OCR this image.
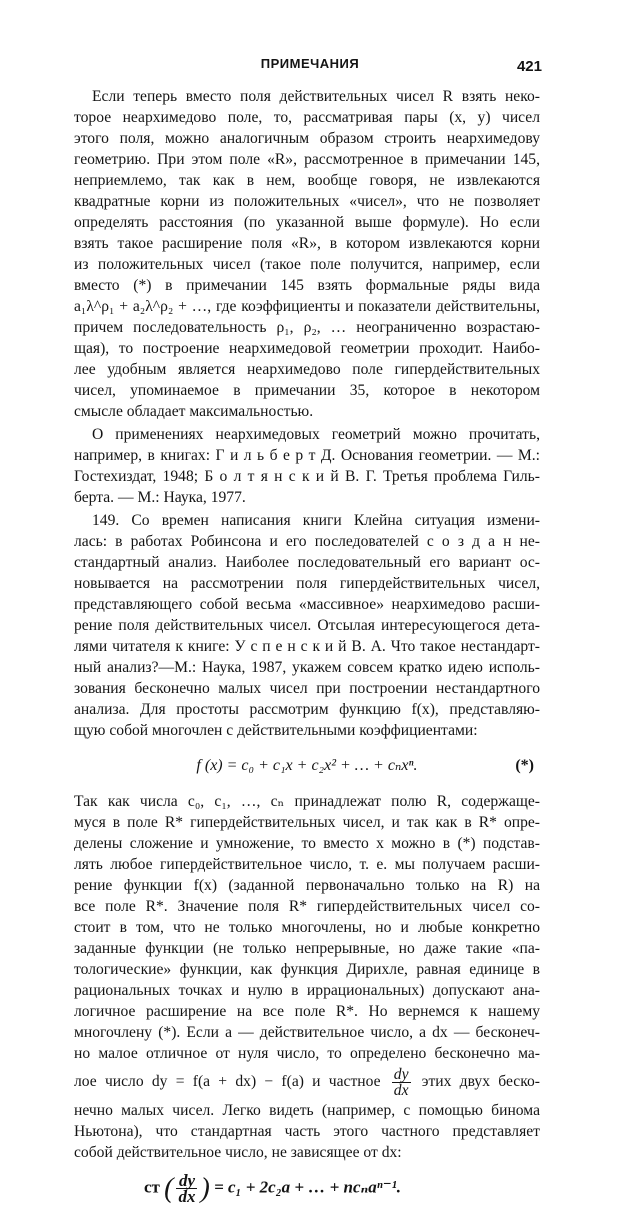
ПРИМЕЧАНИЯ	421
Если теперь вместо поля действительных чисел R взять неко-
торое неархимедово поле, то, рассматривая пары (x, y) чисел
этого поля, можно аналогичным образом строить неархимедову
геометрию. При этом поле «R», рассмотренное в примечании 145,
неприемлемо, так как в нем, вообще говоря, не извлекаются
квадратные корни из положительных «чисел», что не позволяет
определять расстояния (по указанной выше формуле). Но если
взять такое расширение поля «R», в котором извлекаются корни
из положительных чисел (такое поле получится, например, если
вместо (*) в примечании 145 взять формальные ряды вида
a₁λ^ρ₁ + a₂λ^ρ₂ + …, где коэффициенты и показатели действительны,
причем последовательность ρ₁, ρ₂, … неограниченно возрастаю-
щая), то построение неархимедовой геометрии проходит. Наибо-
лее удобным является неархимедово поле гипердействительных
чисел, упоминаемое в примечании 35, которое в некотором
смысле обладает максимальностью.
О применениях неархимедовых геометрий можно прочитать,
например, в книгах: Г и л ь б е р т Д. Основания геометрии. — М.:
Гостехиздат, 1948; Б о л т я н с к и й В. Г. Третья проблема Гиль-
берта. — М.: Наука, 1977.
149. Со времен написания книги Клейна ситуация измени-
лась: в работах Робинсона и его последователей с о з д а н не-
стандартный анализ. Наиболее последовательный его вариант ос-
новывается на рассмотрении поля гипердействительных чисел,
представляющего собой весьма «массивное» неархимедово расши-
рение поля действительных чисел. Отсылая интересующегося дета-
лями читателя к книге: У с п е н с к и й В. А. Что такое нестандарт-
ный анализ?—М.: Наука, 1987, укажем совсем кратко идею исполь-
зования бесконечно малых чисел при построении нестандартного
анализа. Для простоты рассмотрим функцию f(x), представляю-
щую собой многочлен с действительными коэффициентами:
f (x) = c₀ + c₁x + c₂x² + … + cₙxⁿ.	(*)
Так как числа c₀, c₁, …, cₙ принадлежат полю R, содержаще-
муся в поле R* гипердействительных чисел, и так как в R* опре-
делены сложение и умножение, то вместо x можно в (*) подстав-
лять любое гипердействительное число, т. е. мы получаем расши-
рение функции f(x) (заданной первоначально только на R) на
все поле R*. Значение поля R* гипердействительных чисел со-
стоит в том, что не только многочлены, но и любые конкретно
заданные функции (не только непрерывные, но даже такие «па-
тологические» функции, как функция Дирихле, равная единице в
рациональных точках и нулю в иррациональных) допускают ана-
логичное расширение на все поле R*. Но вернемся к нашему
многочлену (*). Если a — действительное число, а dx — бесконеч-
но малое отличное от нуля число, то определено бесконечно ма-
лое число dy = f(a + dx) − f(a) и частное $\frac{dy}{dx}$ этих двух беско-
нечно малых чисел. Легко видеть (например, с помощью бинома
Ньютона), что стандартная часть этого частного представляет
собой действительное число, не зависящее от dx:
ст ( $\frac{dy}{dx}$ ) = c₁ + 2c₂a + … + ncₙaⁿ⁻¹.
